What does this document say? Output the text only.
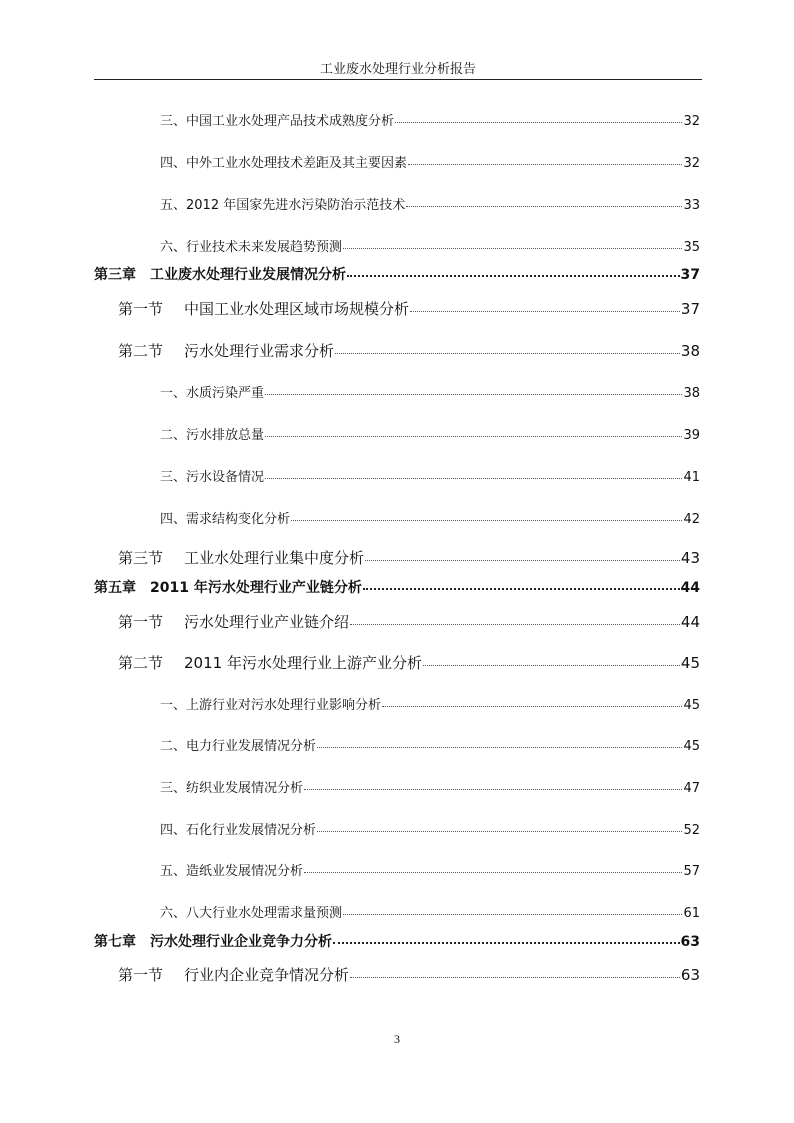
工业废水处理行业分析报告
三、中国工业水处理产品技术成熟度分析	32
四、中外工业水处理技术差距及其主要因素	32
五、2012 年国家先进水污染防治示范技术	33
六、行业技术未来发展趋势预测	35
第三章 工业废水处理行业发展情况分析	37
第一节 中国工业水处理区域市场规模分析	37
第二节 污水处理行业需求分析	38
一、水质污染严重	38
二、污水排放总量	39
三、污水设备情况	41
四、需求结构变化分析	42
第三节 工业水处理行业集中度分析	43
第五章 2011 年污水处理行业产业链分析	44
第一节 污水处理行业产业链介绍	44
第二节 2011 年污水处理行业上游产业分析	45
一、上游行业对污水处理行业影响分析	45
二、电力行业发展情况分析	45
三、纺织业发展情况分析	47
四、石化行业发展情况分析	52
五、造纸业发展情况分析	57
六、八大行业水处理需求量预测	61
第七章 污水处理行业企业竞争力分析	63
第一节 行业内企业竞争情况分析	63
3
